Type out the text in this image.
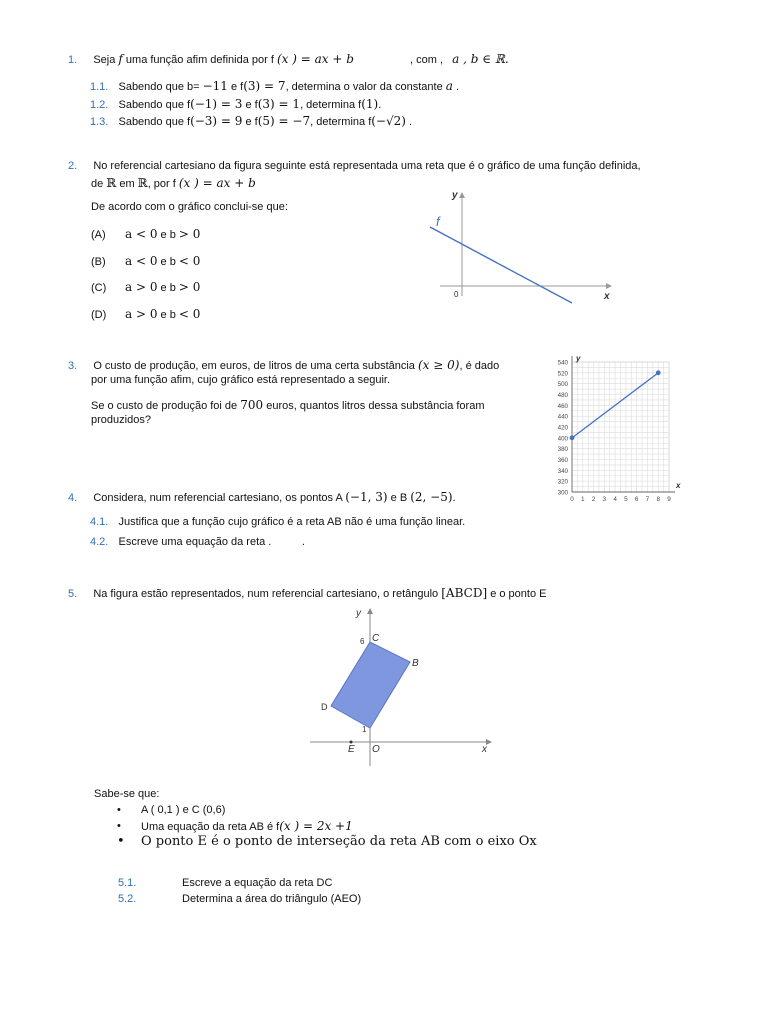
1. Seja f uma função afim definida por f (x ) = ax + b	, com , a , b ∈ ℝ.
1.1. Sabendo que b= −11 e f(3) = 7, determina o valor da constante a .
1.2. Sabendo que f(−1) = 3 e f(3) = 1, determina f(1).
1.3. Sabendo que f(−3) = 9 e f(5) = −7, determina f(−√2) .
2. No referencial cartesiano da figura seguinte está representada uma reta que é o gráfico de uma função definida,
de ℝ em ℝ, por f (x ) = ax + b
De acordo com o gráfico conclui-se que:
(A) a < 0 e b > 0
(B) a < 0 e b < 0
(C) a > 0 e b > 0
(D) a > 0 e b < 0
y
x
0
f
3. O custo de produção, em euros, de litros de uma certa substância (x ≥ 0), é dado
por uma função afim, cujo gráfico está representado a seguir.
Se o custo de produção foi de 700 euros, quantos litros dessa substância foram
produzidos?
300
320
340
360
380
400
420
440
460
480
500
520
540
0 1 2 3 4 5 6 7 8 9
y
x
4. Considera, num referencial cartesiano, os pontos A (−1, 3) e B (2, −5).
4.1. Justifica que a função cujo gráfico é a reta AB não é uma função linear.
4.2. Escreve uma equação da reta .          .
5. Na figura estão representados, num referencial cartesiano, o retângulo [ABCD] e o ponto E
y
x
C
B
D
E O
6
1
Sabe-se que:
• A ( 0,1 ) e C (0,6)
• Uma equação da reta AB é f(x ) = 2x +1
• O ponto E é o ponto de interseção da reta AB com o eixo Ox
5.1.	Escreve a equação da reta DC
5.2.	Determina a área do triângulo (AEO)
